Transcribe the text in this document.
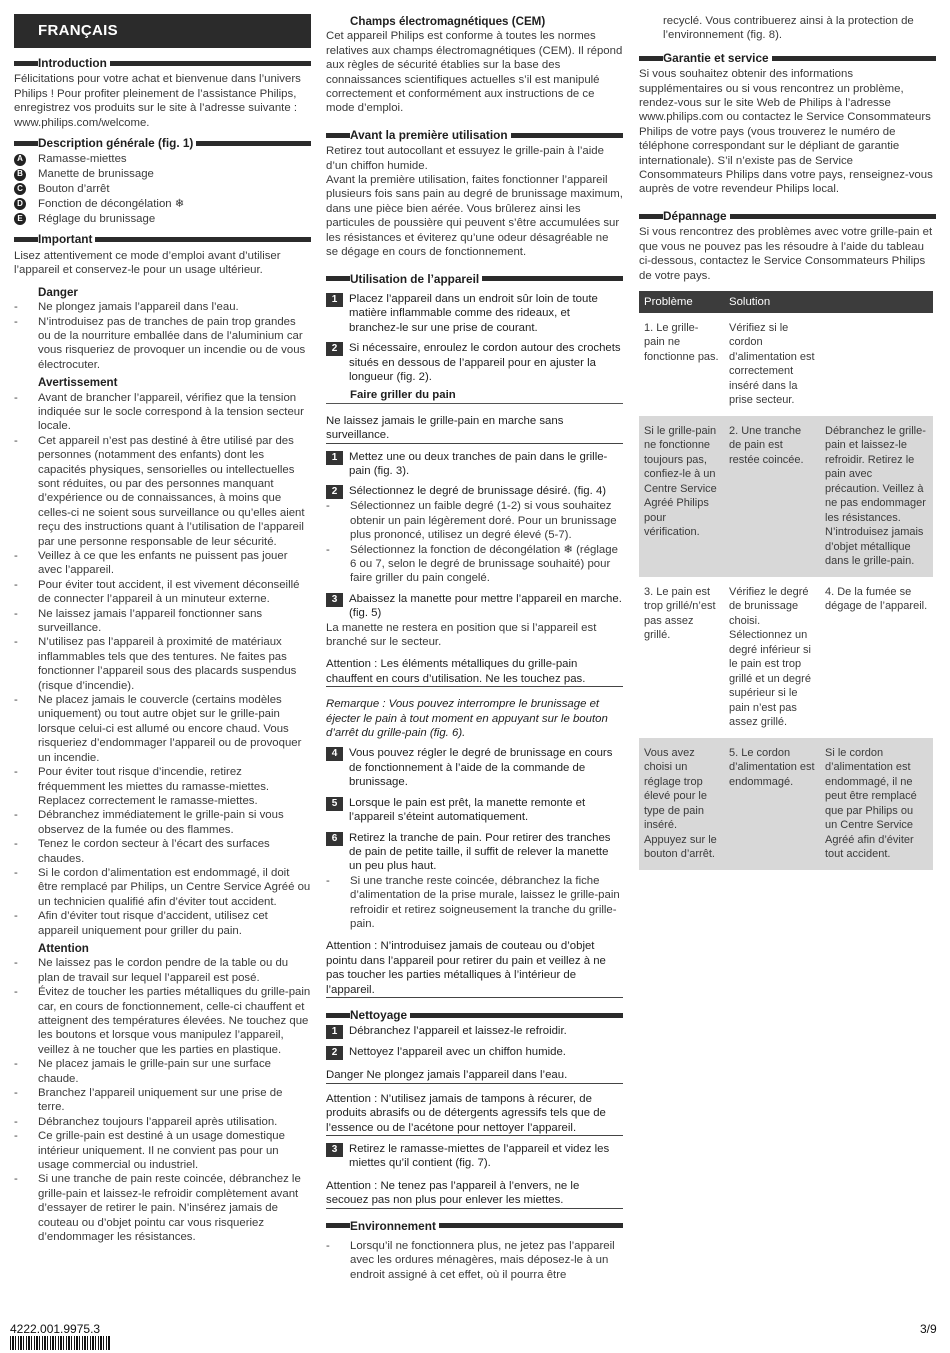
FRANÇAIS
Introduction

Félicitations pour votre achat et bienvenue dans l’univers Philips ! Pour profiter pleinement de l’assistance Philips, enregistrez vos produits sur le site à l’adresse suivante : www.philips.com/welcome.

Description générale (fig. 1)
A Ramasse-miettes
B Manette de brunissage
C Bouton d’arrêt
D Fonction de décongélation ❄
E Réglage du brunissage
Important

Lisez attentivement ce mode d’emploi avant d’utiliser l’appareil et conservez-le pour un usage ultérieur.

Danger
- Ne plongez jamais l’appareil dans l’eau.
- N’introduisez pas de tranches de pain trop grandes ou de la nourriture emballée dans de l’aluminium car vous risqueriez de provoquer un incendie ou de vous électrocuter.
Avertissement
- Avant de brancher l’appareil, vérifiez que la tension indiquée sur le socle correspond à la tension secteur locale.
- Cet appareil n’est pas destiné à être utilisé par des personnes (notamment des enfants) dont les capacités physiques, sensorielles ou intellectuelles sont réduites, ou par des personnes manquant d’expérience ou de connaissances, à moins que celles-ci ne soient sous surveillance ou qu’elles aient reçu des instructions quant à l’utilisation de l’appareil par une personne responsable de leur sécurité.
- Veillez à ce que les enfants ne puissent pas jouer avec l’appareil.
- Pour éviter tout accident, il est vivement déconseillé de connecter l’appareil à un minuteur externe.
- Ne laissez jamais l’appareil fonctionner sans surveillance.
- N’utilisez pas l’appareil à proximité de matériaux inflammables tels que des tentures. Ne faites pas fonctionner l’appareil sous des placards suspendus (risque d’incendie).
- Ne placez jamais le couvercle (certains modèles uniquement) ou tout autre objet sur le grille-pain lorsque celui-ci est allumé ou encore chaud. Vous risqueriez d’endommager l’appareil ou de provoquer un incendie.
- Pour éviter tout risque d’incendie, retirez fréquemment les miettes du ramasse-miettes. Replacez correctement le ramasse-miettes.
- Débranchez immédiatement le grille-pain si vous observez de la fumée ou des flammes.
- Tenez le cordon secteur à l’écart des surfaces chaudes.
- Si le cordon d’alimentation est endommagé, il doit être remplacé par Philips, un Centre Service Agréé ou un technicien qualifié afin d’éviter tout accident.
- Afin d’éviter tout risque d’accident, utilisez cet appareil uniquement pour griller du pain.
Attention
- Ne laissez pas le cordon pendre de la table ou du plan de travail sur lequel l’appareil est posé.
- Évitez de toucher les parties métalliques du grille-pain car, en cours de fonctionnement, celle-ci chauffent et atteignent des températures élevées. Ne touchez que les boutons et lorsque vous manipulez l’appareil, veillez à ne toucher que les parties en plastique.
- Ne placez jamais le grille-pain sur une surface chaude.
- Branchez l’appareil uniquement sur une prise de terre.
- Débranchez toujours l’appareil après utilisation.
- Ce grille-pain est destiné à un usage domestique intérieur uniquement. Il ne convient pas pour un usage commercial ou industriel.
- Si une tranche de pain reste coincée, débranchez le grille-pain et laissez-le refroidir complètement avant d’essayer de retirer le pain. N’insérez jamais de couteau ou d’objet pointu car vous risqueriez d’endommager les résistances.
Champs électromagnétiques (CEM)

Cet appareil Philips est conforme à toutes les normes relatives aux champs électromagnétiques (CEM). Il répond aux règles de sécurité établies sur la base des connaissances scientifiques actuelles s’il est manipulé correctement et conformément aux instructions de ce mode d’emploi.

Avant la première utilisation

Retirez tout autocollant et essuyez le grille-pain à l’aide d’un chiffon humide.

Avant la première utilisation, faites fonctionner l’appareil plusieurs fois sans pain au degré de brunissage maximum, dans une pièce bien aérée. Vous brûlerez ainsi les particules de poussière qui peuvent s’être accumulées sur les résistances et éviterez qu’une odeur désagréable ne se dégage en cours de fonctionnement.

Utilisation de l’appareil
1	Placez l’appareil dans un endroit sûr loin de toute matière inflammable comme des rideaux, et branchez-le sur une prise de courant.
2	Si nécessaire, enroulez le cordon autour des crochets situés en dessous de l’appareil pour en ajuster la longueur (fig. 2).
Faire griller du pain
Ne laissez jamais le grille-pain en marche sans surveillance.
1	Mettez une ou deux tranches de pain dans le grille-pain (fig. 3).
2	Sélectionnez le degré de brunissage désiré. (fig. 4)
- Sélectionnez un faible degré (1-2) si vous souhaitez obtenir un pain légèrement doré. Pour un brunissage plus prononcé, utilisez un degré élevé (5-7).
- Sélectionnez la fonction de décongélation ❄ (réglage 6 ou 7, selon le degré de brunissage souhaité) pour faire griller du pain congelé.
3	Abaissez la manette pour mettre l’appareil en marche. (fig. 5)

La manette ne restera en position que si l’appareil est branché sur le secteur.

Attention : Les éléments métalliques du grille-pain chauffent en cours d’utilisation. Ne les touchez pas.

Remarque : Vous pouvez interrompre le brunissage et éjecter le pain à tout moment en appuyant sur le bouton d’arrêt du grille-pain (fig. 6).

4	Vous pouvez régler le degré de brunissage en cours de fonctionnement à l’aide de la commande de brunissage.
5	Lorsque le pain est prêt, la manette remonte et l’appareil s’éteint automatiquement.
6	Retirez la tranche de pain. Pour retirer des tranches de pain de petite taille, il suffit de relever la manette un peu plus haut.
- Si une tranche reste coincée, débranchez la fiche d’alimentation de la prise murale, laissez le grille-pain refroidir et retirez soigneusement la tranche du grille-pain.
Attention : N’introduisez jamais de couteau ou d’objet pointu dans l’appareil pour retirer du pain et veillez à ne pas toucher les parties métalliques à l’intérieur de l’appareil.
Nettoyage
1	Débranchez l’appareil et laissez-le refroidir.
2	Nettoyez l’appareil avec un chiffon humide.
Danger Ne plongez jamais l’appareil dans l’eau.
Attention : N’utilisez jamais de tampons à récurer, de produits abrasifs ou de détergents agressifs tels que de l’essence ou de l’acétone pour nettoyer l’appareil.
3	Retirez le ramasse-miettes de l’appareil et videz les miettes qu’il contient (fig. 7).
Attention : Ne tenez pas l’appareil à l’envers, ne le secouez pas non plus pour enlever les miettes.
Environnement
- Lorsqu’il ne fonctionnera plus, ne jetez pas l’appareil avec les ordures ménagères, mais déposez-le à un endroit assigné à cet effet, où il pourra être

recyclé. Vous contribuerez ainsi à la protection de l’environnement (fig. 8).

Garantie et service

Si vous souhaitez obtenir des informations supplémentaires ou si vous rencontrez un problème, rendez-vous sur le site Web de Philips à l’adresse www.philips.com ou contactez le Service Consommateurs Philips de votre pays (vous trouverez le numéro de téléphone correspondant sur le dépliant de garantie internationale). S’il n’existe pas de Service Consommateurs Philips dans votre pays, renseignez-vous auprès de votre revendeur Philips local.

Dépannage

Si vous rencontrez des problèmes avec votre grille-pain et que vous ne pouvez pas les résoudre à l’aide du tableau ci-dessous, contactez le Service Consommateurs Philips de votre pays.

Problème	Solution	
1. Le grille-pain ne fonctionne pas.	Vérifiez si le cordon d’alimentation est correctement inséré dans la prise secteur.	
Si le grille-pain ne fonctionne toujours pas, confiez-le à un Centre Service Agréé Philips pour vérification.	2. Une tranche de pain est restée coincée.	Débranchez le grille-pain et laissez-le refroidir. Retirez le pain avec précaution. Veillez à ne pas endommager les résistances. N’introduisez jamais d’objet métallique dans le grille-pain.
3. Le pain est trop grillé/n’est pas assez grillé.	Vérifiez le degré de brunissage choisi. Sélectionnez un degré inférieur si le pain est trop grillé et un degré supérieur si le pain n’est pas assez grillé.	4. De la fumée se dégage de l’appareil.
Vous avez choisi un réglage trop élevé pour le type de pain inséré. Appuyez sur le bouton d’arrêt.	5. Le cordon d’alimentation est endommagé.	Si le cordon d’alimentation est endommagé, il ne peut être remplacé que par Philips ou un Centre Service Agréé afin d’éviter tout accident.
4222.001.9975.3	3/9
